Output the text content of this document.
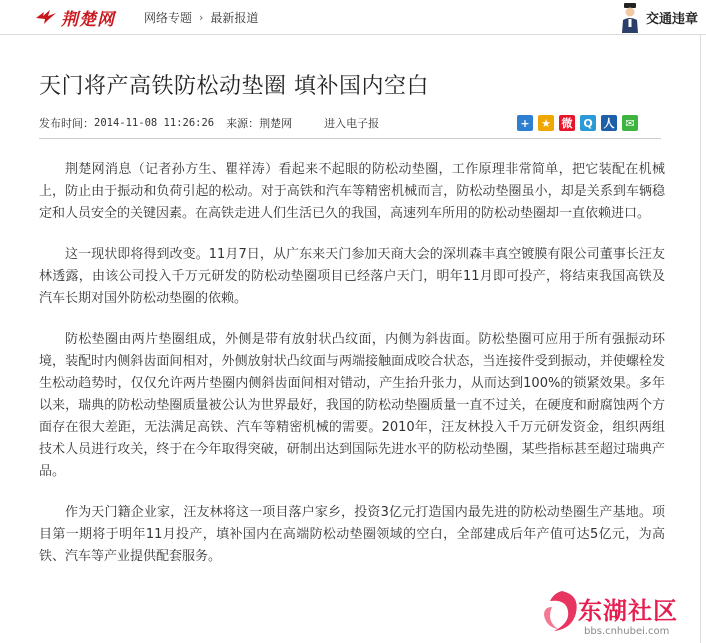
荆楚网 网络专题 › 最新报道	交通违章
天门将产高铁防松动垫圈 填补国内空白
发布时间： 2014-11-08 11:26:26 来源： 荆楚网	进入电子报	+	★ 微 Q 人 ✉

荆楚网消息（记者孙方生、瞿祥涛）看起来不起眼的防松动垫圈，工作原理非常简单，把它装配在机械上，防止由于振动和负荷引起的松动。对于高铁和汽车等精密机械而言，防松动垫圈虽小，却是关系到车辆稳定和人员安全的关键因素。在高铁走进人们生活已久的我国，高速列车所用的防松动垫圈却一直依赖进口。

这一现状即将得到改变。11月7日，从广东来天门参加天商大会的深圳森丰真空镀膜有限公司董事长汪友林透露，由该公司投入千万元研发的防松动垫圈项目已经落户天门，明年11月即可投产，将结束我国高铁及汽车长期对国外防松动垫圈的依赖。

防松垫圈由两片垫圈组成，外侧是带有放射状凸纹面，内侧为斜齿面。防松垫圈可应用于所有强振动环境，装配时内侧斜齿面间相对，外侧放射状凸纹面与两端接触面成咬合状态，当连接件受到振动，并使螺栓发生松动趋势时，仅仅允许两片垫圈内侧斜齿面间相对错动，产生抬升张力，从而达到100%的锁紧效果。多年以来，瑞典的防松动垫圈质量被公认为世界最好，我国的防松动垫圈质量一直不过关，在硬度和耐腐蚀两个方面存在很大差距，无法满足高铁、汽车等精密机械的需要。2010年，汪友林投入千万元研发资金，组织两组技术人员进行攻关，终于在今年取得突破，研制出达到国际先进水平的防松动垫圈，某些指标甚至超过瑞典产品。

作为天门籍企业家，汪友林将这一项目落户家乡，投资3亿元打造国内最先进的防松动垫圈生产基地。项目第一期将于明年11月投产，填补国内在高端防松动垫圈领域的空白，全部建成后年产值可达5亿元，为高铁、汽车等产业提供配套服务。

东湖社区
bbs.cnhubei.com
